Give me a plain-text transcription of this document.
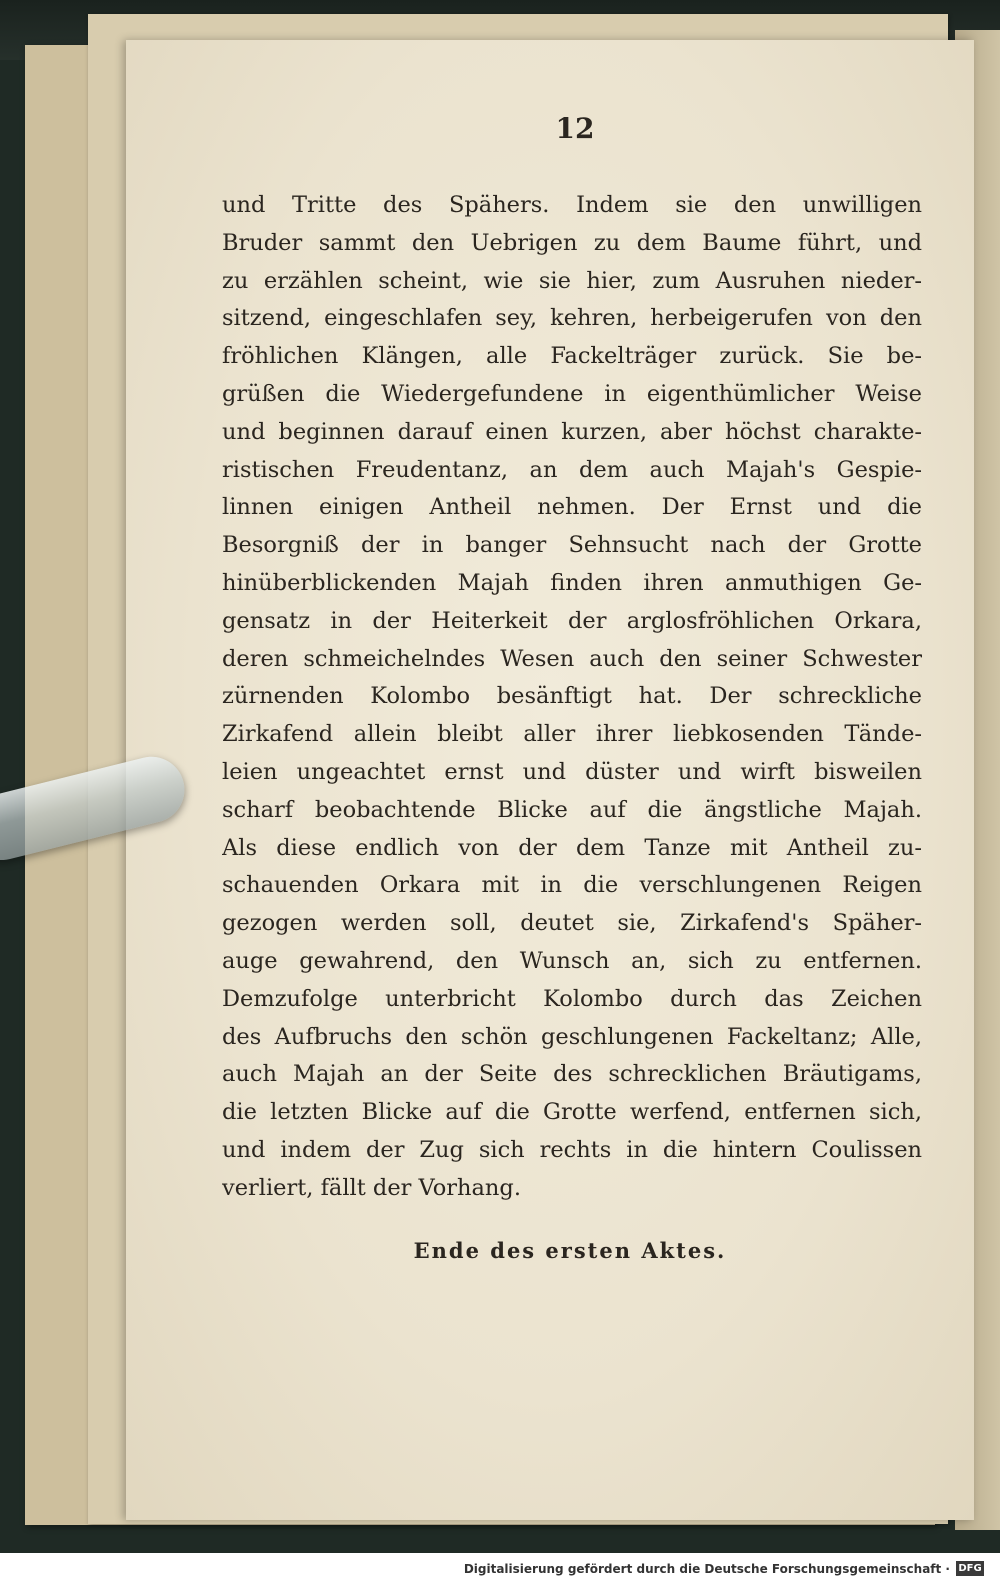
12
und Tritte des Spähers. Indem sie den unwilligen
Bruder sammt den Uebrigen zu dem Baume führt, und
zu erzählen scheint, wie sie hier, zum Ausruhen nieder-
sitzend, eingeschlafen sey, kehren, herbeigerufen von den
fröhlichen Klängen, alle Fackelträger zurück. Sie be-
grüßen die Wiedergefundene in eigenthümlicher Weise
und beginnen darauf einen kurzen, aber höchst charakte-
ristischen Freudentanz, an dem auch Majah's Gespie-
linnen einigen Antheil nehmen. Der Ernst und die
Besorgniß der in banger Sehnsucht nach der Grotte
hinüberblickenden Majah finden ihren anmuthigen Ge-
gensatz in der Heiterkeit der arglosfröhlichen Orkara,
deren schmeichelndes Wesen auch den seiner Schwester
zürnenden Kolombo besänftigt hat. Der schreckliche
Zirkafend allein bleibt aller ihrer liebkosenden Tände-
leien ungeachtet ernst und düster und wirft bisweilen
scharf beobachtende Blicke auf die ängstliche Majah.
Als diese endlich von der dem Tanze mit Antheil zu-
schauenden Orkara mit in die verschlungenen Reigen
gezogen werden soll, deutet sie, Zirkafend's Späher-
auge gewahrend, den Wunsch an, sich zu entfernen.
Demzufolge unterbricht Kolombo durch das Zeichen
des Aufbruchs den schön geschlungenen Fackeltanz; Alle,
auch Majah an der Seite des schrecklichen Bräutigams,
die letzten Blicke auf die Grotte werfend, entfernen sich,
und indem der Zug sich rechts in die hintern Coulissen
verliert, fällt der Vorhang.
Ende des ersten Aktes.
Digitalisierung gefördert durch die Deutsche Forschungsgemeinschaft · DFG
